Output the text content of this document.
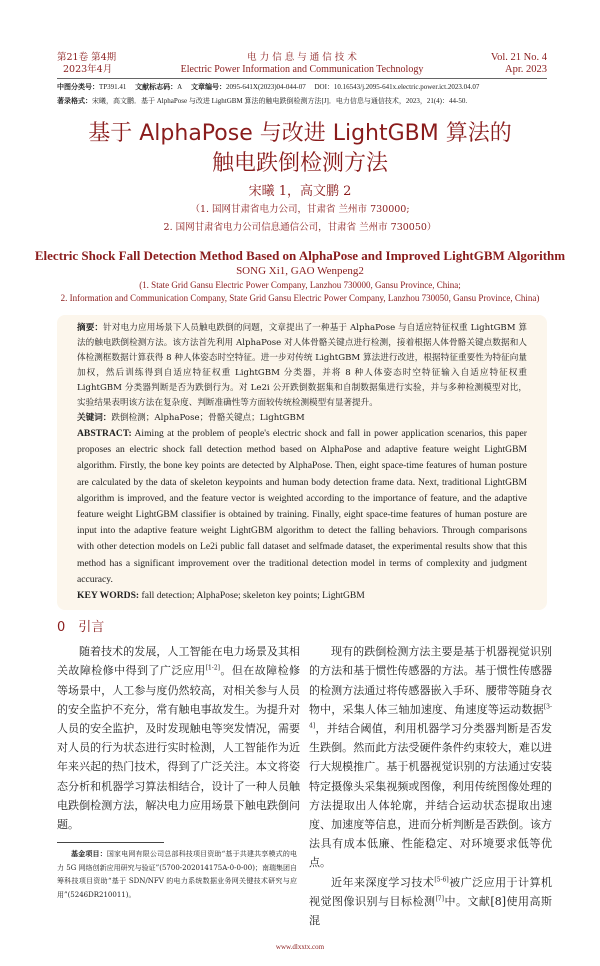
第21卷 第4期
2023年4月
电 力 信 息 与 通 信 技 术
Electric Power Information and Communication Technology
Vol. 21 No. 4
Apr. 2023
中图分类号：TP391.41  文献标志码：A  文章编号：2095-641X(2023)04-044-07  DOI：10.16543/j.2095-641x.electric.power.ict.2023.04.07
著录格式：宋曦，高文鹏．基于 AlphaPose 与改进 LightGBM 算法的触电跌倒检测方法[J]．电力信息与通信技术，2023，21(4)：44-50.
基于 AlphaPose 与改进 LightGBM 算法的
触电跌倒检测方法
宋曦 1，高文鹏 2
（1. 国网甘肃省电力公司，甘肃省 兰州市 730000;
2. 国网甘肃省电力公司信息通信公司，甘肃省 兰州市 730050）
Electric Shock Fall Detection Method Based on AlphaPose and Improved LightGBM Algorithm
SONG Xi1, GAO Wenpeng2
(1. State Grid Gansu Electric Power Company, Lanzhou 730000, Gansu Province, China;
2. Information and Communication Company, State Grid Gansu Electric Power Company, Lanzhou 730050, Gansu Province, China)
摘要：针对电力应用场景下人员触电跌倒的问题，文章提出了一种基于 AlphaPose 与自适应特征权重 LightGBM 算法的触电跌倒检测方法。该方法首先利用 AlphaPose 对人体骨骼关键点进行检测，接着根据人体骨骼关键点数据和人体检测框数据计算获得 8 种人体姿态时空特征。进一步对传统 LightGBM 算法进行改进，根据特征重要性为特征向量加权，然后训练得到自适应特征权重 LightGBM 分类器，并将 8 种人体姿态时空特征输入自适应特征权重 LightGBM 分类器判断是否为跌倒行为。对 Le2i 公开跌倒数据集和自制数据集进行实验，并与多种检测模型对比，实验结果表明该方法在复杂度、判断准确性等方面较传统检测模型有显著提升。
关键词：跌倒检测；AlphaPose；骨骼关键点；LightGBM
ABSTRACT: Aiming at the problem of people's electric shock and fall in power application scenarios, this paper proposes an electric shock fall detection method based on AlphaPose and adaptive feature weight LightGBM algorithm. Firstly, the bone key points are detected by AlphaPose. Then, eight space-time features of human posture are calculated by the data of skeleton keypoints and human body detection frame data. Next, traditional LightGBM algorithm is improved, and the feature vector is weighted according to the importance of feature, and the adaptive feature weight LightGBM classifier is obtained by training. Finally, eight space-time features of human posture are input into the adaptive feature weight LightGBM algorithm to detect the falling behaviors. Through comparisons with other detection models on Le2i public fall dataset and selfmade dataset, the experimental results show that this method has a significant improvement over the traditional detection model in terms of complexity and judgment accuracy.
KEY WORDS: fall detection; AlphaPose; skeleton key points; LightGBM
0　引言

随着技术的发展，人工智能在电力场景及其相关故障检修中得到了广泛应用[1-2]。但在故障检修等场景中，人工参与度仍然较高，对相关参与人员的安全监护不充分，常有触电事故发生。为提升对人员的安全监护，及时发现触电等突发情况，需要对人员的行为状态进行实时检测，人工智能作为近年来兴起的热门技术，得到了广泛关注。本文将姿态分析和机器学习算法相结合，设计了一种人员触电跌倒检测方法，解决电力应用场景下触电跌倒问题。

基金项目：国家电网有限公司总部科技项目资助“基于共建共享模式的电力 5G 网络创新应用研究与验证”(5700-202014175A-0-0-00)；南瑞集团自筹科技项目资助“基于 SDN/NFV 的电力系统数据业务网关键技术研究与应用”(5246DR210011)。

现有的跌倒检测方法主要是基于机器视觉识别的方法和基于惯性传感器的方法。基于惯性传感器的检测方法通过将传感器嵌入手环、腰带等随身衣物中，采集人体三轴加速度、角速度等运动数据[3-4]，并结合阈值，利用机器学习分类器判断是否发生跌倒。然而此方法受硬件条件约束较大，难以进行大规模推广。基于机器视觉识别的方法通过安装特定摄像头采集视频或图像，利用传统图像处理的方法提取出人体轮廓，并结合运动状态提取出速度、加速度等信息，进而分析判断是否跌倒。该方法具有成本低廉、性能稳定、对环境要求低等优点。

近年来深度学习技术[5-6]被广泛应用于计算机视觉图像识别与目标检测[7]中。文献[8]使用高斯混

www.dlxxtx.com
